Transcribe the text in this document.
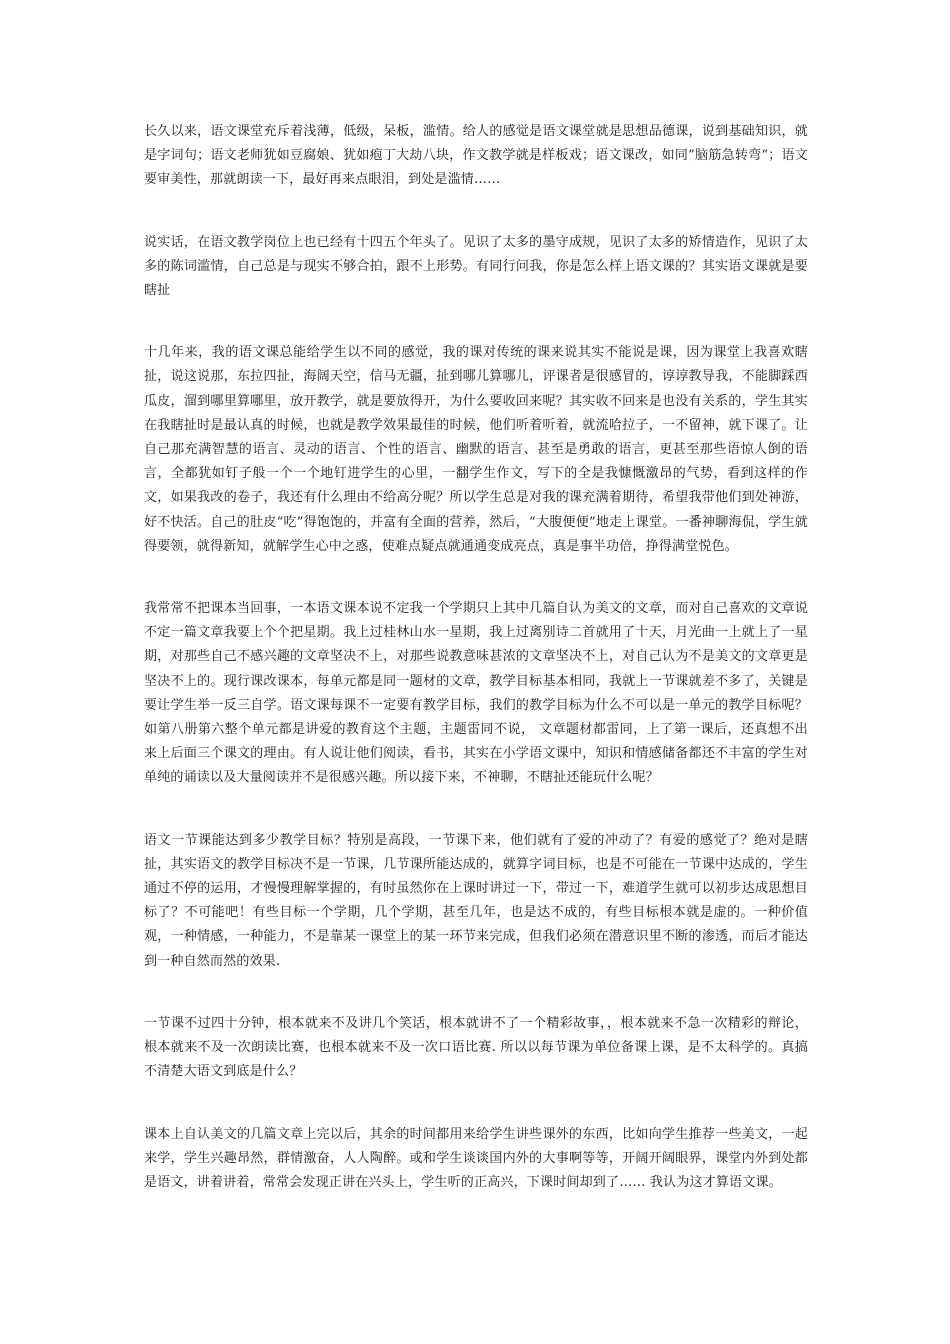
长久以来，语文课堂充斥着浅薄，低级，呆板，滥情。给人的感觉是语文课堂就是思想品德课，说到基础知识，就是字词句；语文老师犹如豆腐娘、犹如疱丁大劫八块，作文教学就是样板戏；语文课改，如同”脑筋急转弯“；语文要审美性，那就朗读一下，最好再来点眼泪，到处是滥情……

说实话，在语文教学岗位上也已经有十四五个年头了。见识了太多的墨守成规，见识了太多的矫情造作，见识了太多的陈词滥情，自己总是与现实不够合拍，跟不上形势。有同行问我，你是怎么样上语文课的？其实语文课就是要瞎扯

十几年来，我的语文课总能给学生以不同的感觉，我的课对传统的课来说其实不能说是课，因为课堂上我喜欢瞎扯，说这说那，东拉四扯，海阔天空，信马无疆，扯到哪儿算哪儿，评课者是很感冒的，谆谆教导我，不能脚踩西瓜皮，溜到哪里算哪里，放开教学，就是要放得开，为什么要收回来呢？其实收不回来是也没有关系的，学生其实在我瞎扯时是最认真的时候，也就是教学效果最佳的时候，他们听着听着，就流哈拉子，一不留神，就下课了。让自己那充满智慧的语言、灵动的语言、个性的语言、幽默的语言、甚至是勇敢的语言，更甚至那些语惊人倒的语言，全都犹如钉子般一个一个地钉进学生的心里，一翻学生作文，写下的全是我慷慨激昂的气势，看到这样的作文，如果我改的卷子，我还有什么理由不给高分呢？所以学生总是对我的课充满着期待，希望我带他们到处神游，好不快活。自己的肚皮“吃”得饱饱的，并富有全面的营养，然后，“大腹便便”地走上课堂。一番神聊海侃，学生就得要领，就得新知，就解学生心中之惑，使难点疑点就通通变成亮点，真是事半功倍，挣得满堂悦色。

我常常不把课本当回事，一本语文课本说不定我一个学期只上其中几篇自认为美文的文章，而对自己喜欢的文章说不定一篇文章我要上个个把星期。我上过桂林山水一星期，我上过离别诗二首就用了十天，月光曲一上就上了一星期，对那些自己不感兴趣的文章坚决不上，对那些说教意味甚浓的文章坚决不上，对自己认为不是美文的文章更是坚决不上的。现行课改课本，每单元都是同一题材的文章，教学目标基本相同，我就上一节课就差不多了，关键是要让学生举一反三自学。语文课每课不一定要有教学目标，我们的教学目标为什么不可以是一单元的教学目标呢？如第八册第六整个单元都是讲爱的教育这个主题，主题雷同不说， 文章题材都雷同，上了第一课后，还真想不出来上后面三个课文的理由。有人说让他们阅读，看书，其实在小学语文课中，知识和情感储备都还不丰富的学生对单纯的诵读以及大量阅读并不是很感兴趣。所以接下来，不神聊，不瞎扯还能玩什么呢？

语文一节课能达到多少教学目标？特别是高段，一节课下来，他们就有了爱的冲动了？有爱的感觉了？绝对是瞎扯，其实语文的教学目标决不是一节课，几节课所能达成的，就算字词目标，也是不可能在一节课中达成的，学生通过不停的运用，才慢慢理解掌握的，有时虽然你在上课时讲过一下，带过一下，难道学生就可以初步达成思想目标了？不可能吧！有些目标一个学期，几个学期，甚至几年，也是达不成的，有些目标根本就是虚的。一种价值观，一种情感，一种能力，不是靠某一课堂上的某一环节来完成，但我们必须在潜意识里不断的渗透，而后才能达到一种自然而然的效果.

一节课不过四十分钟，根本就来不及讲几个笑话，根本就讲不了一个精彩故事，，根本就来不急一次精彩的辩论，根本就来不及一次朗读比赛，也根本就来不及一次口语比赛. 所以以每节课为单位备课上课，是不太科学的。真搞不清楚大语文到底是什么？

课本上自认美文的几篇文章上完以后，其余的时间都用来给学生讲些课外的东西，比如向学生推荐一些美文，一起来学，学生兴趣昂然，群情激奋，人人陶醉。或和学生谈谈国内外的大事啊等等，开阔开阔眼界，课堂内外到处都是语文，讲着讲着，常常会发现正讲在兴头上，学生听的正高兴，下课时间却到了…… 我认为这才算语文课。
